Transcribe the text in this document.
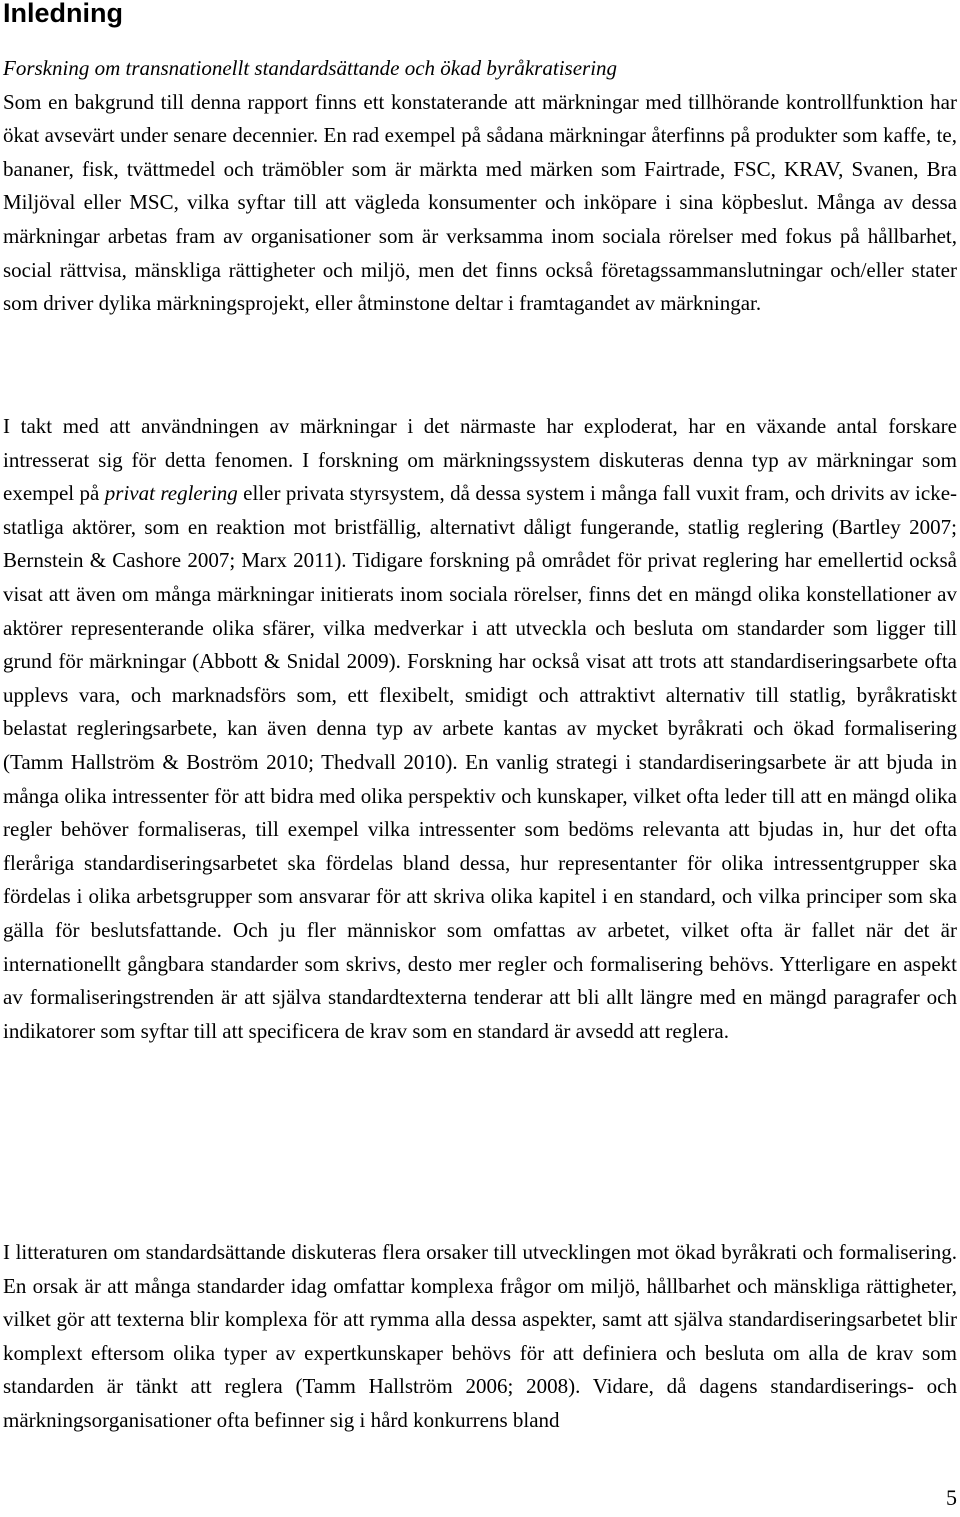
Inledning
Forskning om transnationellt standardsättande och ökad byråkratisering
Som en bakgrund till denna rapport finns ett konstaterande att märkningar med tillhörande kontrollfunktion har ökat avsevärt under senare decennier. En rad exempel på sådana märkningar återfinns på produkter som kaffe, te, bananer, fisk, tvättmedel och trämöbler som är märkta med märken som Fairtrade, FSC, KRAV, Svanen, Bra Miljöval eller MSC, vilka syftar till att vägleda konsumenter och inköpare i sina köpbeslut. Många av dessa märkningar arbetas fram av organisationer som är verksamma inom sociala rörelser med fokus på hållbarhet, social rättvisa, mänskliga rättigheter och miljö, men det finns också företagssammanslutningar och/eller stater som driver dylika märkningsprojekt, eller åtminstone deltar i framtagandet av märkningar.

I takt med att användningen av märkningar i det närmaste har exploderat, har en växande antal forskare intresserat sig för detta fenomen. I forskning om märkningssystem diskuteras denna typ av märkningar som exempel på privat reglering eller privata styrsystem, då dessa system i många fall vuxit fram, och drivits av icke-statliga aktörer, som en reaktion mot bristfällig, alternativt dåligt fungerande, statlig reglering (Bartley 2007; Bernstein & Cashore 2007; Marx 2011). Tidigare forskning på området för privat reglering har emellertid också visat att även om många märkningar initierats inom sociala rörelser, finns det en mängd olika konstellationer av aktörer representerande olika sfärer, vilka medverkar i att utveckla och besluta om standarder som ligger till grund för märkningar (Abbott & Snidal 2009). Forskning har också visat att trots att standardiseringsarbete ofta upplevs vara, och marknadsförs som, ett flexibelt, smidigt och attraktivt alternativ till statlig, byråkratiskt belastat regleringsarbete, kan även denna typ av arbete kantas av mycket byråkrati och ökad formalisering (Tamm Hallström & Boström 2010; Thedvall 2010). En vanlig strategi i standardiseringsarbete är att bjuda in många olika intressenter för att bidra med olika perspektiv och kunskaper, vilket ofta leder till att en mängd olika regler behöver formaliseras, till exempel vilka intressenter som bedöms relevanta att bjudas in, hur det ofta fleråriga standardiseringsarbetet ska fördelas bland dessa, hur representanter för olika intressentgrupper ska fördelas i olika arbetsgrupper som ansvarar för att skriva olika kapitel i en standard, och vilka principer som ska gälla för beslutsfattande. Och ju fler människor som omfattas av arbetet, vilket ofta är fallet när det är internationellt gångbara standarder som skrivs, desto mer regler och formalisering behövs. Ytterligare en aspekt av formaliseringstrenden är att själva standardtexterna tenderar att bli allt längre med en mängd paragrafer och indikatorer som syftar till att specificera de krav som en standard är avsedd att reglera.

I litteraturen om standardsättande diskuteras flera orsaker till utvecklingen mot ökad byråkrati och formalisering. En orsak är att många standarder idag omfattar komplexa frågor om miljö, hållbarhet och mänskliga rättigheter, vilket gör att texterna blir komplexa för att rymma alla dessa aspekter, samt att själva standardiseringsarbetet blir komplext eftersom olika typer av expertkunskaper behövs för att definiera och besluta om alla de krav som standarden är tänkt att reglera (Tamm Hallström 2006; 2008). Vidare, då dagens standardiserings- och märkningsorganisationer ofta befinner sig i hård konkurrens bland

5
